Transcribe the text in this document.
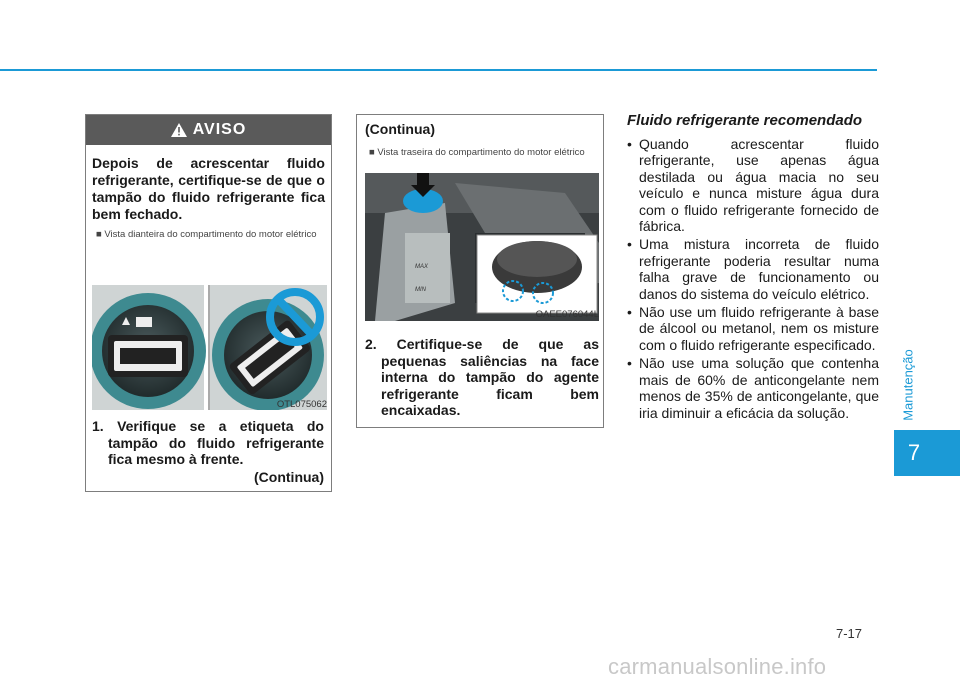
Manutenção
7
AVISO
Depois de acrescentar fluido refrigerante, certifique-se de que o tampão do fluido refrigerante fica bem fechado.
■ Vista dianteira do compartimento do motor elétrico
OTL075062
1. Verifique se a etiqueta do tampão do fluido refrigerante fica mesmo à frente.
(Continua)
(Continua)
■ Vista traseira do compartimento do motor elétrico
MAX
MIN
OAEE076044L
2. Certifique-se de que as pequenas saliências na face interna do tampão do agente refrigerante ficam bem encaixadas.
Fluido refrigerante recomendado
• Quando acrescentar fluido refrigerante, use apenas água destilada ou água macia no seu veículo e nunca misture água dura com o fluido refrigerante fornecido de fábrica.
• Uma mistura incorreta de fluido refrigerante poderia resultar numa falha grave de funcionamento ou danos do sistema do veículo elétrico.
• Não use um fluido refrigerante à base de álcool ou metanol, nem os misture com o fluido refrigerante especificado.
• Não use uma solução que contenha mais de 60% de anticongelante nem menos de 35% de anticongelante, que iria diminuir a eficácia da solução.
7-17
carmanualsonline.info
